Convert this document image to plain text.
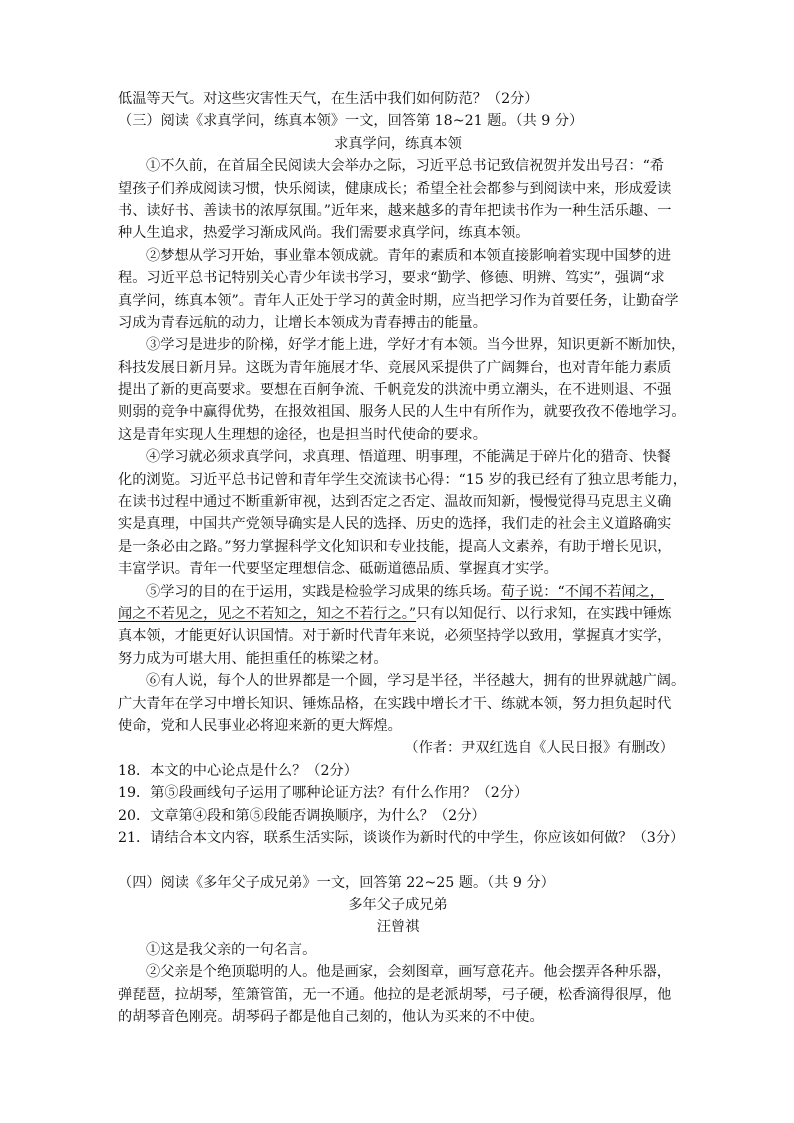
低温等天气。对这些灾害性天气，在生活中我们如何防范？（2分）
（三）阅读《求真学问，练真本领》一文，回答第 18~21 题。（共 9 分）
求真学问，练真本领
①不久前，在首届全民阅读大会举办之际，习近平总书记致信祝贺并发出号召：“希
望孩子们养成阅读习惯，快乐阅读，健康成长；希望全社会都参与到阅读中来，形成爱读
书、读好书、善读书的浓厚氛围。”近年来，越来越多的青年把读书作为一种生活乐趣、一
种人生追求，热爱学习渐成风尚。我们需要求真学问，练真本领。
②梦想从学习开始，事业靠本领成就。青年的素质和本领直接影响着实现中国梦的进
程。习近平总书记特别关心青少年读书学习，要求“勤学、修德、明辨、笃实”，强调“求
真学问，练真本领”。青年人正处于学习的黄金时期，应当把学习作为首要任务，让勤奋学
习成为青春远航的动力，让增长本领成为青春搏击的能量。
③学习是进步的阶梯，好学才能上进，学好才有本领。当今世界，知识更新不断加快，
科技发展日新月异。这既为青年施展才华、竞展风采提供了广阔舞台，也对青年能力素质
提出了新的更高要求。要想在百舸争流、千帆竞发的洪流中勇立潮头，在不进则退、不强
则弱的竞争中赢得优势，在报效祖国、服务人民的人生中有所作为，就要孜孜不倦地学习。
这是青年实现人生理想的途径，也是担当时代使命的要求。
④学习就必须求真学问，求真理、悟道理、明事理，不能满足于碎片化的猎奇、快餐
化的浏览。习近平总书记曾和青年学生交流读书心得：“15 岁的我已经有了独立思考能力，
在读书过程中通过不断重新审视，达到否定之否定、温故而知新，慢慢觉得马克思主义确
实是真理，中国共产党领导确实是人民的选择、历史的选择，我们走的社会主义道路确实
是一条必由之路。”努力掌握科学文化知识和专业技能，提高人文素养，有助于增长见识，
丰富学识。青年一代要坚定理想信念、砥砺道德品质、掌握真才实学。
⑤学习的目的在于运用，实践是检验学习成果的练兵场。荀子说：“不闻不若闻之，
闻之不若见之，见之不若知之，知之不若行之。”只有以知促行、以行求知，在实践中锤炼
真本领，才能更好认识国情。对于新时代青年来说，必须坚持学以致用，掌握真才实学，
努力成为可堪大用、能担重任的栋梁之材。
⑥有人说，每个人的世界都是一个圆，学习是半径，半径越大，拥有的世界就越广阔。
广大青年在学习中增长知识、锤炼品格，在实践中增长才干、练就本领，努力担负起时代
使命，党和人民事业必将迎来新的更大辉煌。
（作者：尹双红选自《人民日报》有删改）
18．本文的中心论点是什么？（2分）
19．第⑤段画线句子运用了哪种论证方法？有什么作用？（2分）
20．文章第④段和第⑤段能否调换顺序，为什么？（2分）
21．请结合本文内容，联系生活实际，谈谈作为新时代的中学生，你应该如何做？（3分）
（四）阅读《多年父子成兄弟》一文，回答第 22~25 题。（共 9 分）
多年父子成兄弟
汪曾祺
①这是我父亲的一句名言。
②父亲是个绝顶聪明的人。他是画家，会刻图章，画写意花卉。他会摆弄各种乐器，
弹琵琶，拉胡琴，笙箫管笛，无一不通。他拉的是老派胡琴，弓子硬，松香滴得很厚，他
的胡琴音色刚亮。胡琴码子都是他自己刻的，他认为买来的不中使。
